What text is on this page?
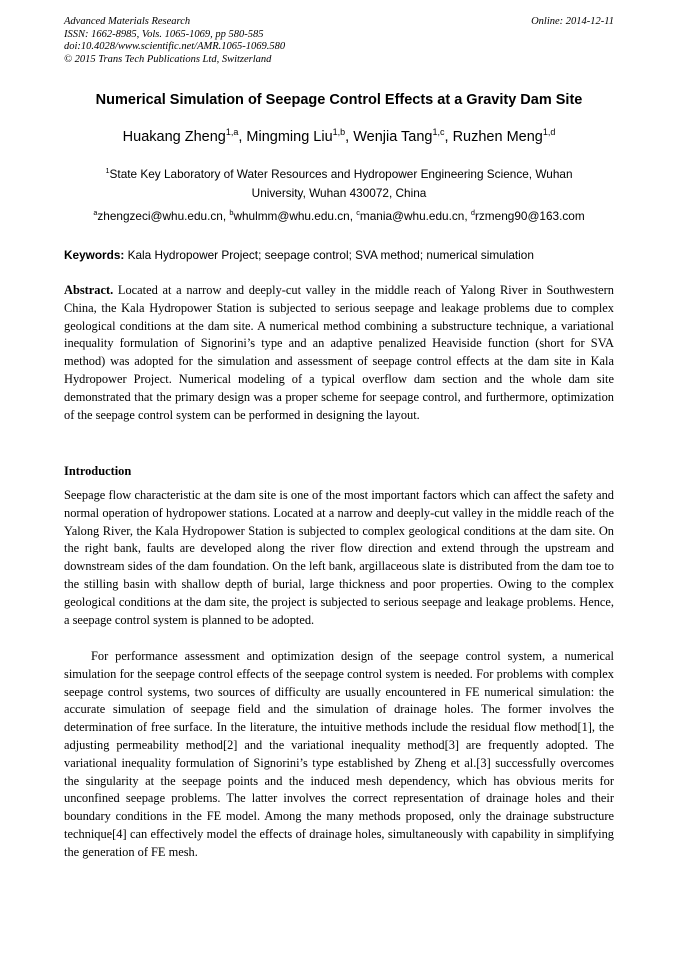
Advanced Materials Research
ISSN: 1662-8985, Vols. 1065-1069, pp 580-585
doi:10.4028/www.scientific.net/AMR.1065-1069.580
© 2015 Trans Tech Publications Ltd, Switzerland
Online: 2014-12-11
Numerical Simulation of Seepage Control Effects at a Gravity Dam Site
Huakang Zheng$^{1,a}$, Mingming Liu$^{1,b}$, Wenjia Tang$^{1,c}$, Ruzhen Meng$^{1,d}$
$^1$State Key Laboratory of Water Resources and Hydropower Engineering Science, Wuhan University, Wuhan 430072, China
$^a$zhengzeci@whu.edu.cn, $^b$whulmm@whu.edu.cn, $^c$mania@whu.edu.cn, $^d$rzmeng90@163.com
Keywords: Kala Hydropower Project; seepage control; SVA method; numerical simulation

Abstract. Located at a narrow and deeply-cut valley in the middle reach of Yalong River in Southwestern China, the Kala Hydropower Station is subjected to serious seepage and leakage problems due to complex geological conditions at the dam site. A numerical method combining a substructure technique, a variational inequality formulation of Signorini’s type and an adaptive penalized Heaviside function (short for SVA method) was adopted for the simulation and assessment of seepage control effects at the dam site in Kala Hydropower Project. Numerical modeling of a typical overflow dam section and the whole dam site demonstrated that the primary design was a proper scheme for seepage control, and furthermore, optimization of the seepage control system can be performed in designing the layout.

Introduction

Seepage flow characteristic at the dam site is one of the most important factors which can affect the safety and normal operation of hydropower stations. Located at a narrow and deeply-cut valley in the middle reach of the Yalong River, the Kala Hydropower Station is subjected to complex geological conditions at the dam site. On the right bank, faults are developed along the river flow direction and extend through the upstream and downstream sides of the dam foundation. On the left bank, argillaceous slate is distributed from the dam toe to the stilling basin with shallow depth of burial, large thickness and poor properties. Owing to the complex geological conditions at the dam site, the project is subjected to serious seepage and leakage problems. Hence, a seepage control system is planned to be adopted.

For performance assessment and optimization design of the seepage control system, a numerical simulation for the seepage control effects of the seepage control system is needed. For problems with complex seepage control systems, two sources of difficulty are usually encountered in FE numerical simulation: the accurate simulation of seepage field and the simulation of drainage holes. The former involves the determination of free surface. In the literature, the intuitive methods include the residual flow method[1], the adjusting permeability method[2] and the variational inequality method[3] are frequently adopted. The variational inequality formulation of Signorini’s type established by Zheng et al.[3] successfully overcomes the singularity at the seepage points and the induced mesh dependency, which has obvious merits for unconfined seepage problems. The latter involves the correct representation of drainage holes and their boundary conditions in the FE model. Among the many methods proposed, only the drainage substructure technique[4] can effectively model the effects of drainage holes, simultaneously with capability in simplifying the generation of FE mesh.
